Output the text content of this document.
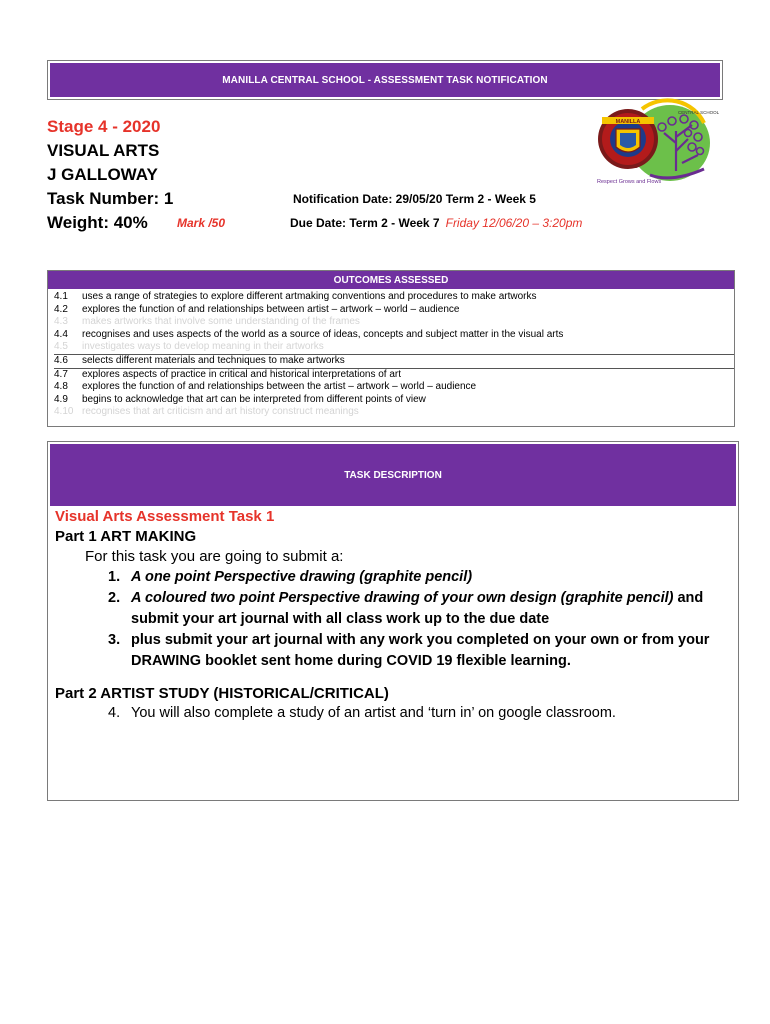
MANILLA CENTRAL SCHOOL - ASSESSMENT TASK NOTIFICATION
Stage 4 - 2020
VISUAL ARTS
J GALLOWAY
Task Number: 1
Weight: 40% Mark /50
Notification Date: 29/05/20 Term 2 - Week 5
Due Date: Term 2 - Week 7 Friday 12/06/20 – 3:20pm
MANILLA
CENTRAL SCHOOL
Respect Grows and Flows
OUTCOMES ASSESSED
4.1	uses a range of strategies to explore different artmaking conventions and procedures to make artworks
4.2	explores the function of and relationships between artist – artwork – world – audience
4.3	makes artworks that involve some understanding of the frames
4.4	recognises and uses aspects of the world as a source of ideas, concepts and subject matter in the visual arts
4.5	investigates ways to develop meaning in their artworks
4.6	selects different materials and techniques to make artworks
4.7	explores aspects of practice in critical and historical interpretations of art
4.8	explores the function of and relationships between the artist – artwork – world – audience
4.9	begins to acknowledge that art can be interpreted from different points of view
4.10 recognises that art criticism and art history construct meanings
TASK DESCRIPTION
Visual Arts Assessment Task 1
Part 1 ART MAKING
For this task you are going to submit a:
1. A one point Perspective drawing (graphite pencil)
2. A coloured two point Perspective drawing of your own design (graphite pencil) and submit your art journal with all class work up to the due date
3. plus submit your art journal with any work you completed on your own or from your DRAWING booklet sent home during COVID 19 flexible learning.
Part 2 ARTIST STUDY (HISTORICAL/CRITICAL)
4. You will also complete a study of an artist and ‘turn in’ on google classroom.
